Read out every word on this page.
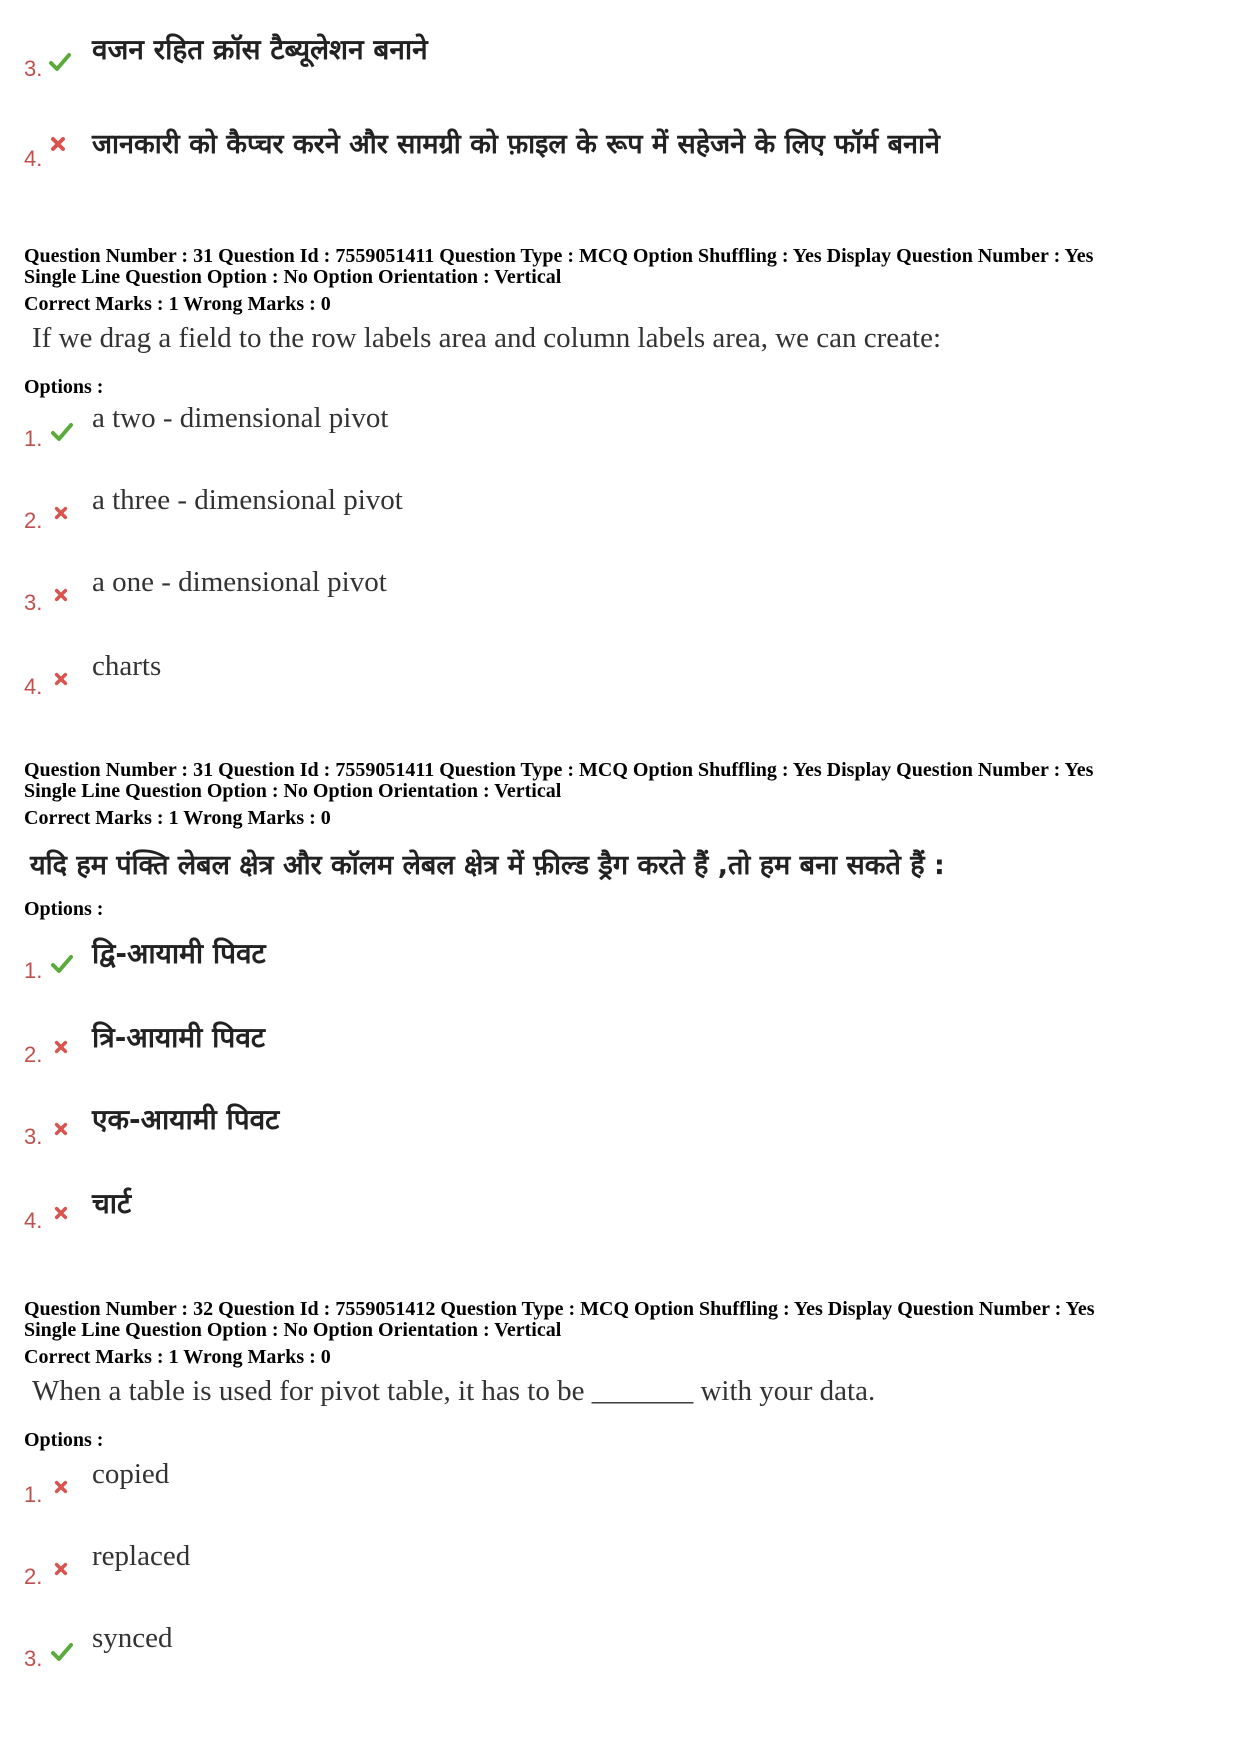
3.
वजन रहित क्रॉस टैब्यूलेशन बनाने
4. जानकारी को कैप्चर करने और सामग्री को फ़ाइल के रूप में सहेजने के लिए फॉर्म बनाने
Question Number : 31 Question Id : 7559051411 Question Type : MCQ Option Shuffling : Yes Display Question Number : Yes
Single Line Question Option : No Option Orientation : Vertical
Correct Marks : 1 Wrong Marks : 0
If we drag a field to the row labels area and column labels area, we can create:
Options :
1.
a two - dimensional pivot
2.
a three - dimensional pivot
3.
a one - dimensional pivot
4.
charts
Question Number : 31 Question Id : 7559051411 Question Type : MCQ Option Shuffling : Yes Display Question Number : Yes
Single Line Question Option : No Option Orientation : Vertical
Correct Marks : 1 Wrong Marks : 0
यदि हम पंक्ति लेबल क्षेत्र और कॉलम लेबल क्षेत्र में फ़ील्ड ड्रैग करते हैं ,तो हम बना सकते हैं :
Options :
1.
द्वि-आयामी पिवट
2.
त्रि-आयामी पिवट
3.
एक-आयामी पिवट
4.
चार्ट
Question Number : 32 Question Id : 7559051412 Question Type : MCQ Option Shuffling : Yes Display Question Number : Yes
Single Line Question Option : No Option Orientation : Vertical
Correct Marks : 1 Wrong Marks : 0
When a table is used for pivot table, it has to be _______ with your data.
Options :
1.
copied
2.
replaced
3.
synced
